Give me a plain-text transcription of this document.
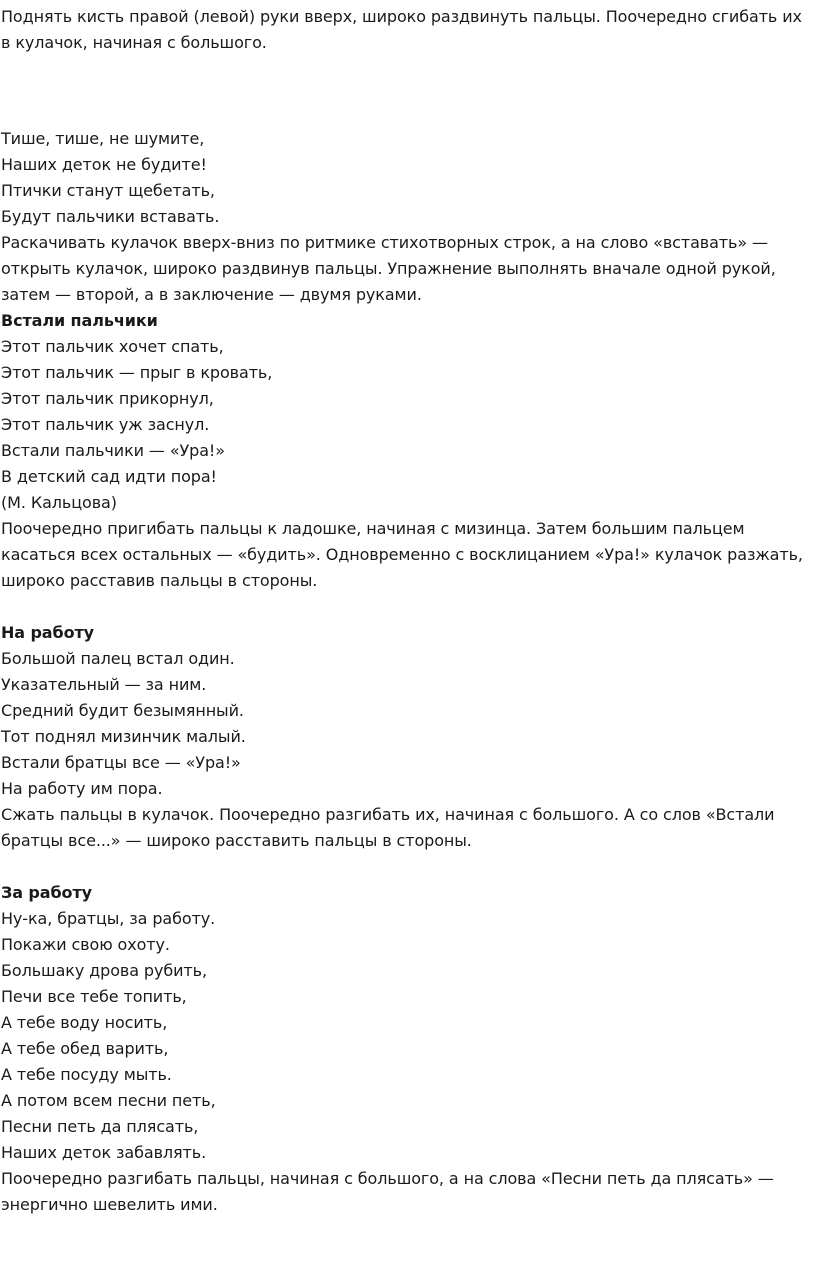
Поднять кисть правой (левой) руки вверх, широко раздвинуть пальцы. Поочередно сгибать их
в кулачок, начиная с большого.
Тише, тише, не шумите,
Наших деток не будите!
Птички станут щебетать,
Будут пальчики вставать.
Раскачивать кулачок вверх-вниз по ритмике стихотворных строк, а на слово «вставать» —
открыть кулачок, широко раздвинув пальцы. Упражнение выполнять вначале одной рукой,
затем — второй, а в заключение — двумя руками.
Встали пальчики
Этот пальчик хочет спать,
Этот пальчик — прыг в кровать,
Этот пальчик прикорнул,
Этот пальчик уж заснул.
Встали пальчики — «Ура!»
В детский сад идти пора!
(М. Кальцова)
Поочередно пригибать пальцы к ладошке, начиная с мизинца. Затем большим пальцем
касаться всех остальных — «будить». Одновременно с восклицанием «Ура!» кулачок разжать,
широко расставив пальцы в стороны.
На работу
Большой палец встал один.
Указательный — за ним.
Средний будит безымянный.
Тот поднял мизинчик малый.
Встали братцы все — «Ура!»
На работу им пора.
Сжать пальцы в кулачок. Поочередно разгибать их, начиная с большого. А со слов «Встали
братцы все...» — широко расставить пальцы в стороны.
За работу
Ну-ка, братцы, за работу.
Покажи свою охоту.
Большаку дрова рубить,
Печи все тебе топить,
А тебе воду носить,
А тебе обед варить,
А тебе посуду мыть.
А потом всем песни петь,
Песни петь да плясать,
Наших деток забавлять.
Поочередно разгибать пальцы, начиная с большого, а на слова «Песни петь да плясать» —
энергично шевелить ими.
